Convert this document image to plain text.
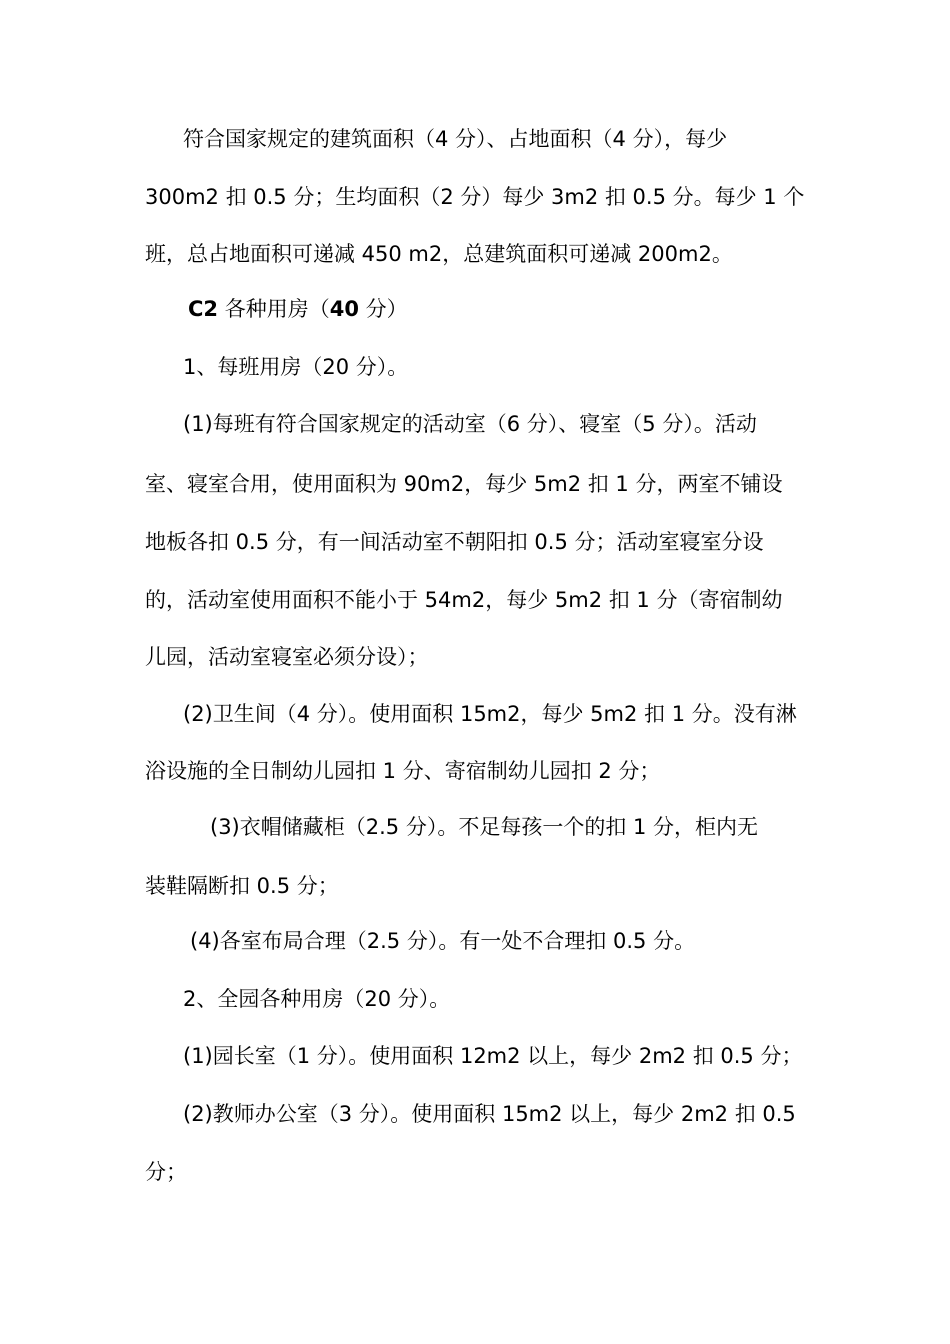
符合国家规定的建筑面积（4 分）、占地面积（4 分），每少
300m2 扣 0.5 分；生均面积（2 分）每少 3m2 扣 0.5 分。每少 1 个
班，总占地面积可递减 450 m2，总建筑面积可递减 200m2。
C2 各种用房（40 分）
1、每班用房（20 分）。
(1)每班有符合国家规定的活动室（6 分）、寝室（5 分）。活动
室、寝室合用，使用面积为 90m2，每少 5m2 扣 1 分，两室不铺设
地板各扣 0.5 分，有一间活动室不朝阳扣 0.5 分；活动室寝室分设
的，活动室使用面积不能小于 54m2，每少 5m2 扣 1 分（寄宿制幼
儿园，活动室寝室必须分设）；
(2)卫生间（4 分）。使用面积 15m2，每少 5m2 扣 1 分。没有淋
浴设施的全日制幼儿园扣 1 分、寄宿制幼儿园扣 2 分；
(3)衣帽储藏柜（2.5 分）。不足每孩一个的扣 1 分，柜内无
装鞋隔断扣 0.5 分；
(4)各室布局合理（2.5 分）。有一处不合理扣 0.5 分。
2、全园各种用房（20 分）。
(1)园长室（1 分）。使用面积 12m2 以上，每少 2m2 扣 0.5 分；
(2)教师办公室（3 分）。使用面积 15m2 以上，每少 2m2 扣 0.5
分；
